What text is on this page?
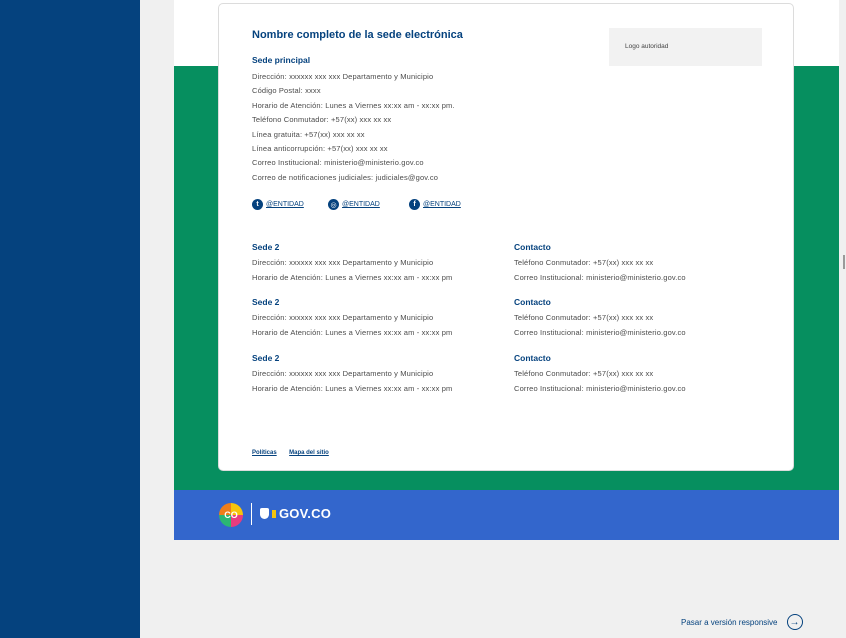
Nombre completo de la sede electrónica
Logo autoridad
Sede principal
Dirección: xxxxxx xxx xxx Departamento y Municipio
Código Postal: xxxx
Horario de Atención: Lunes a Viernes xx:xx am - xx:xx pm.
Teléfono Conmutador: +57(xx) xxx xx xx
Línea gratuita: +57(xx) xxx xx xx
Línea anticorrupción: +57(xx) xxx xx xx
Correo Institucional: ministerio@ministerio.gov.co
Correo de notificaciones judiciales: judiciales@gov.co
t	@ENTIDAD	◎ @ENTIDAD	f	@ENTIDAD
Sede 2
Dirección: xxxxxx xxx xxx Departamento y Municipio
Horario de Atención: Lunes a Viernes xx:xx am - xx:xx pm
Contacto
Teléfono Conmutador: +57(xx) xxx xx xx
Correo Institucional: ministerio@ministerio.gov.co
Sede 2
Dirección: xxxxxx xxx xxx Departamento y Municipio
Horario de Atención: Lunes a Viernes xx:xx am - xx:xx pm
Contacto
Teléfono Conmutador: +57(xx) xxx xx xx
Correo Institucional: ministerio@ministerio.gov.co
Sede 2
Dirección: xxxxxx xxx xxx Departamento y Municipio
Horario de Atención: Lunes a Viernes xx:xx am - xx:xx pm
Contacto
Teléfono Conmutador: +57(xx) xxx xx xx
Correo Institucional: ministerio@ministerio.gov.co
Políticas Mapa del sitio
CO	GOV.CO
Pasar a versión responsive	→
